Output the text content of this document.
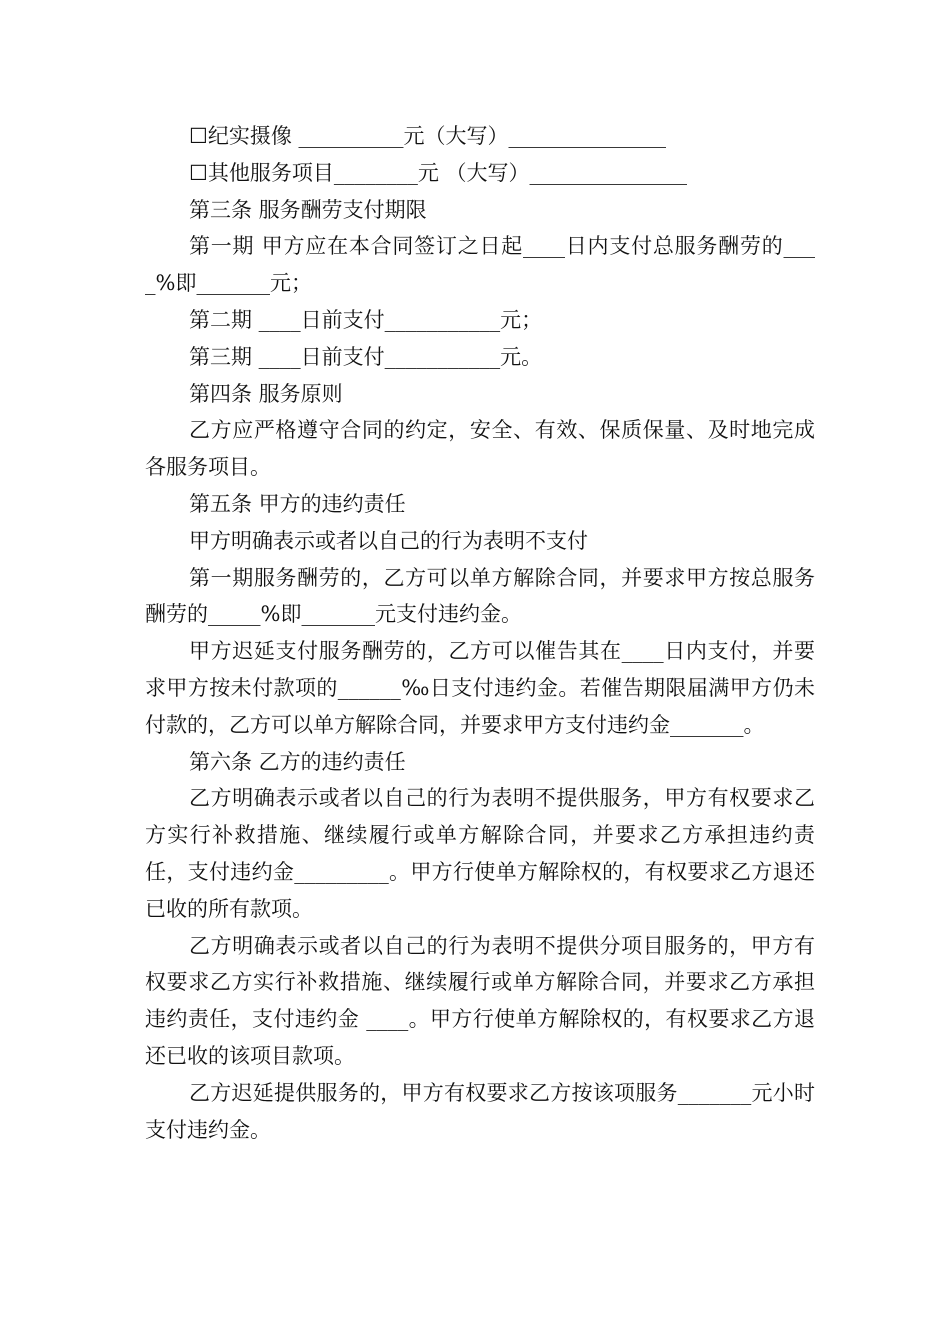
☐纪实摄像 __________元（大写）_______________

☐其他服务项目________元 （大写）_______________

第三条 服务酬劳支付期限

第一期 甲方应在本合同签订之日起____日内支付总服务酬劳的____%即_______元；

第二期 ____日前支付___________元；

第三期 ____日前支付___________元。

第四条 服务原则

乙方应严格遵守合同的约定，安全、有效、保质保量、及时地完成各服务项目。

第五条 甲方的违约责任

甲方明确表示或者以自己的行为表明不支付

第一期服务酬劳的，乙方可以单方解除合同，并要求甲方按总服务酬劳的_____%即_______元支付违约金。

甲方迟延支付服务酬劳的，乙方可以催告其在____日内支付，并要求甲方按未付款项的______‰日支付违约金。若催告期限届满甲方仍未付款的，乙方可以单方解除合同，并要求甲方支付违约金_______。

第六条 乙方的违约责任

乙方明确表示或者以自己的行为表明不提供服务，甲方有权要求乙方实行补救措施、继续履行或单方解除合同，并要求乙方承担违约责任，支付违约金_________。甲方行使单方解除权的，有权要求乙方退还已收的所有款项。

乙方明确表示或者以自己的行为表明不提供分项目服务的，甲方有权要求乙方实行补救措施、继续履行或单方解除合同，并要求乙方承担违约责任，支付违约金 ____。甲方行使单方解除权的，有权要求乙方退还已收的该项目款项。

乙方迟延提供服务的，甲方有权要求乙方按该项服务_______元小时支付违约金。
